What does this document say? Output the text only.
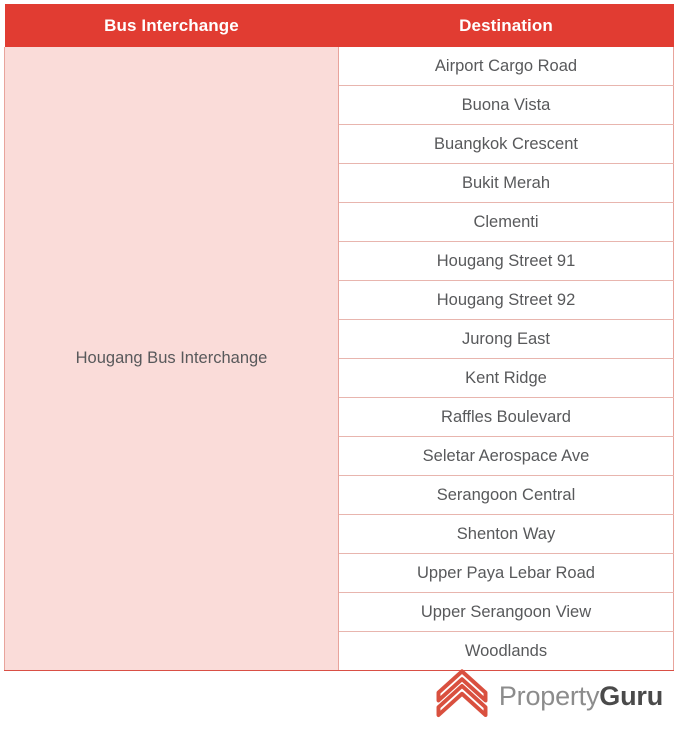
Bus Interchange	Destination
Hougang Bus Interchange	Airport Cargo Road
	Buona Vista
	Buangkok Crescent
	Bukit Merah
	Clementi
	Hougang Street 91
	Hougang Street 92
	Jurong East
	Kent Ridge
	Raffles Boulevard
	Seletar Aerospace Ave
	Serangoon Central
	Shenton Way
	Upper Paya Lebar Road
	Upper Serangoon View
	Woodlands
PropertyGuru
